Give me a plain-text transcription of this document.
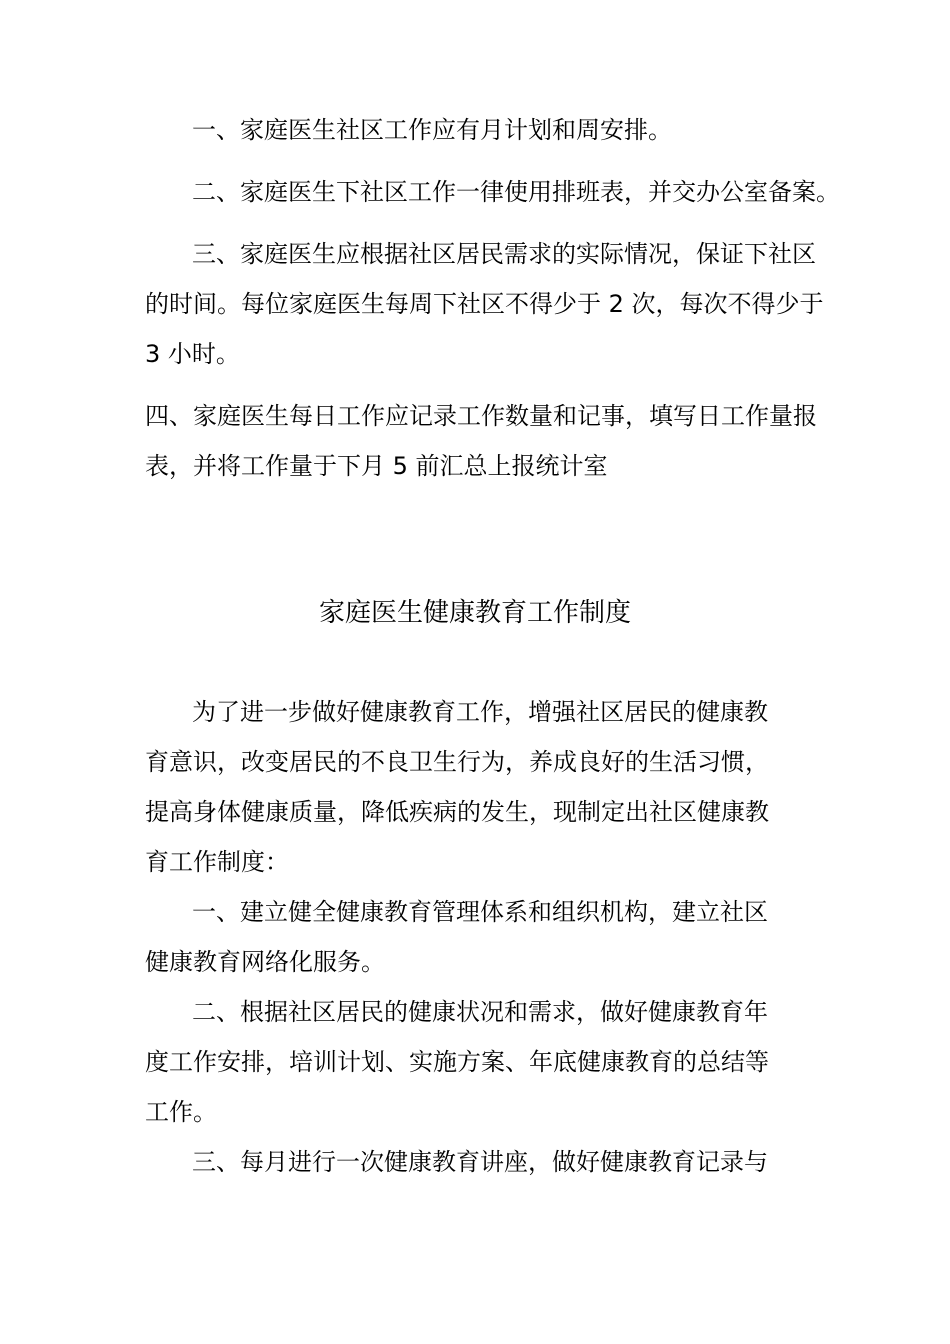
一、家庭医生社区工作应有月计划和周安排。
二、家庭医生下社区工作一律使用排班表，并交办公室备案。
三、家庭医生应根据社区居民需求的实际情况，保证下社区
的时间。每位家庭医生每周下社区不得少于 2 次，每次不得少于
3 小时。
四、家庭医生每日工作应记录工作数量和记事，填写日工作量报
表，并将工作量于下月 5 前汇总上报统计室
家庭医生健康教育工作制度
为了进一步做好健康教育工作，增强社区居民的健康教
育意识，改变居民的不良卫生行为，养成良好的生活习惯，
提高身体健康质量，降低疾病的发生，现制定出社区健康教
育工作制度：
一、建立健全健康教育管理体系和组织机构，建立社区
健康教育网络化服务。
二、根据社区居民的健康状况和需求，做好健康教育年
度工作安排，培训计划、实施方案、年底健康教育的总结等
工作。
三、每月进行一次健康教育讲座，做好健康教育记录与
